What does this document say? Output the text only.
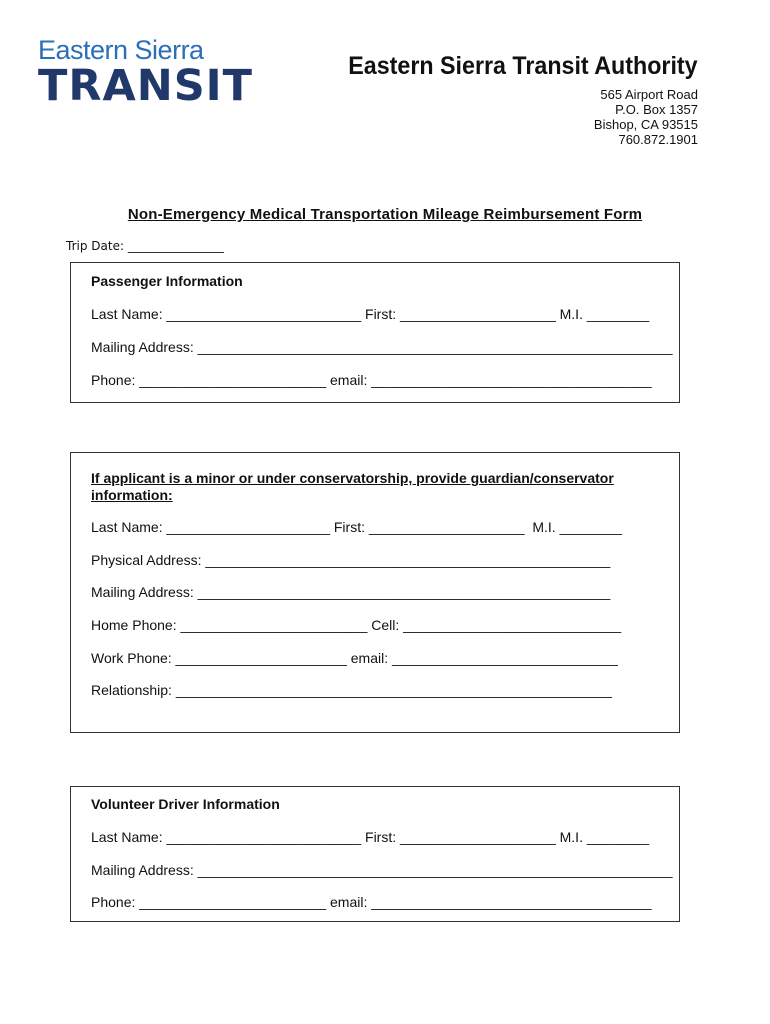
Eastern Sierra
TRANSIT	Eastern Sierra Transit Authority
565 Airport Road
P.O. Box 1357
Bishop, CA 93515
760.872.1901
Non-Emergency Medical Transportation Mileage Reimbursement Form
Trip Date: ________________
Passenger Information
Last Name: _________________________ First: ____________________ M.I. ________
Mailing Address: _____________________________________________________________
Phone: ________________________ email: ____________________________________
If applicant is a minor or under conservatorship, provide guardian/conservator information:
Last Name: _____________________ First: ____________________  M.I. ________
Physical Address: ____________________________________________________
Mailing Address: _____________________________________________________
Home Phone: ________________________ Cell: ____________________________
Work Phone: ______________________ email: _____________________________
Relationship: ________________________________________________________
Volunteer Driver Information
Last Name: _________________________ First: ____________________ M.I. ________
Mailing Address: _____________________________________________________________
Phone: ________________________ email: ____________________________________
